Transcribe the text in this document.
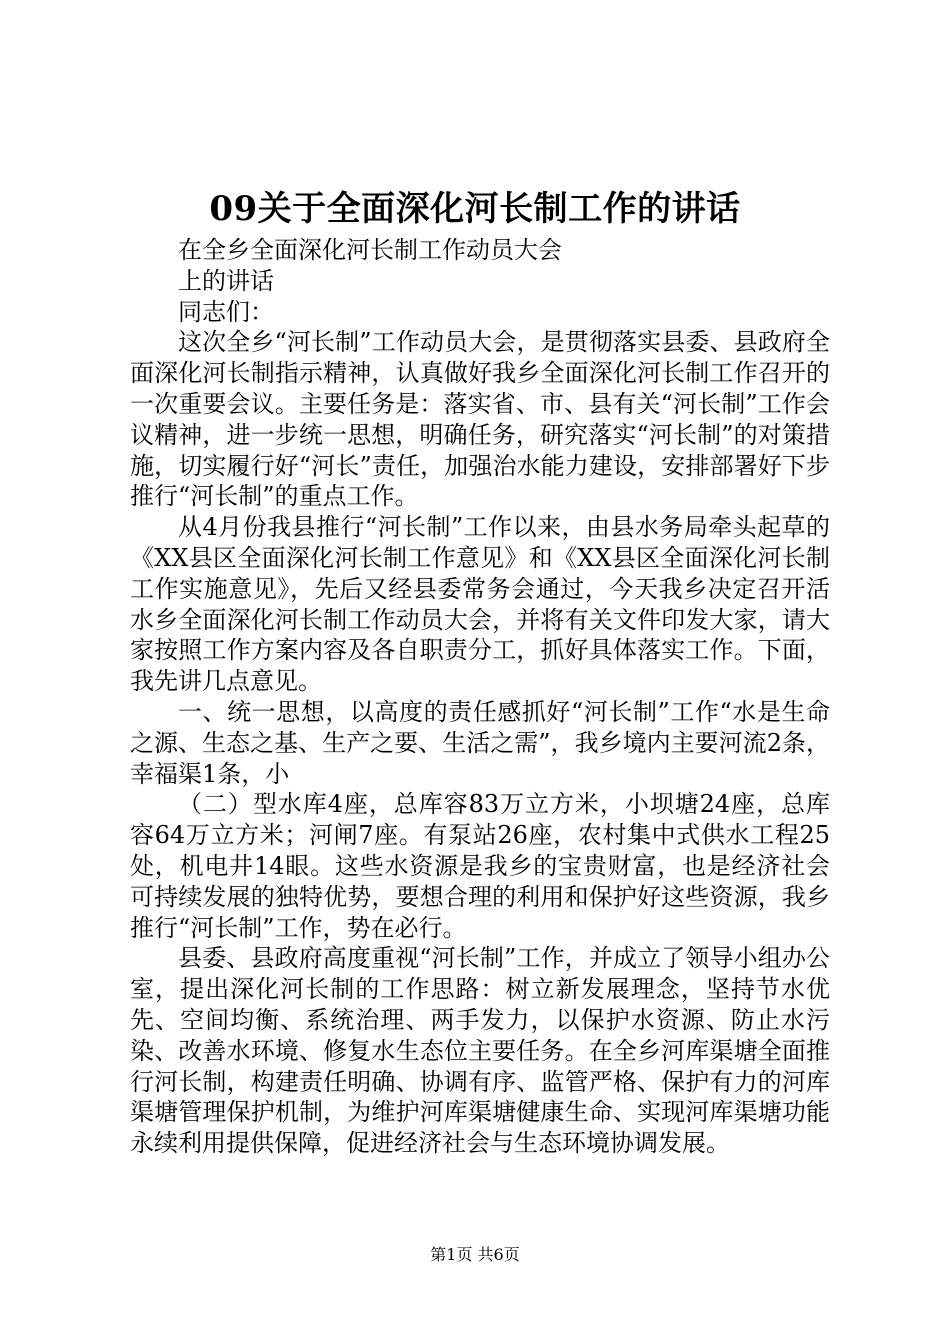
09关于全面深化河长制工作的讲话

在全乡全面深化河长制工作动员大会

上的讲话

同志们：

这次全乡“河长制”工作动员大会，是贯彻落实县委、县政府全面深化河长制指示精神，认真做好我乡全面深化河长制工作召开的一次重要会议。主要任务是：落实省、市、县有关“河长制”工作会议精神，进一步统一思想，明确任务，研究落实“河长制”的对策措施，切实履行好“河长”责任，加强治水能力建设，安排部署好下步推行“河长制”的重点工作。

从4月份我县推行“河长制”工作以来，由县水务局牵头起草的《XX县区全面深化河长制工作意见》和《XX县区全面深化河长制工作实施意见》，先后又经县委常务会通过，今天我乡决定召开活水乡全面深化河长制工作动员大会，并将有关文件印发大家，请大家按照工作方案内容及各自职责分工，抓好具体落实工作。下面，我先讲几点意见。

一、统一思想，以高度的责任感抓好“河长制”工作“水是生命之源、生态之基、生产之要、生活之需”，我乡境内主要河流2条，幸福渠1条，小

（二）型水库4座，总库容83万立方米，小坝塘24座，总库容64万立方米；河闸7座。有泵站26座，农村集中式供水工程25处，机电井14眼。这些水资源是我乡的宝贵财富，也是经济社会可持续发展的独特优势，要想合理的利用和保护好这些资源，我乡推行“河长制”工作，势在必行。

县委、县政府高度重视“河长制”工作，并成立了领导小组办公室，提出深化河长制的工作思路：树立新发展理念，坚持节水优先、空间均衡、系统治理、两手发力，以保护水资源、防止水污染、改善水环境、修复水生态位主要任务。在全乡河库渠塘全面推行河长制，构建责任明确、协调有序、监管严格、保护有力的河库渠塘管理保护机制，为维护河库渠塘健康生命、实现河库渠塘功能永续利用提供保障，促进经济社会与生态环境协调发展。

第1页 共6页
